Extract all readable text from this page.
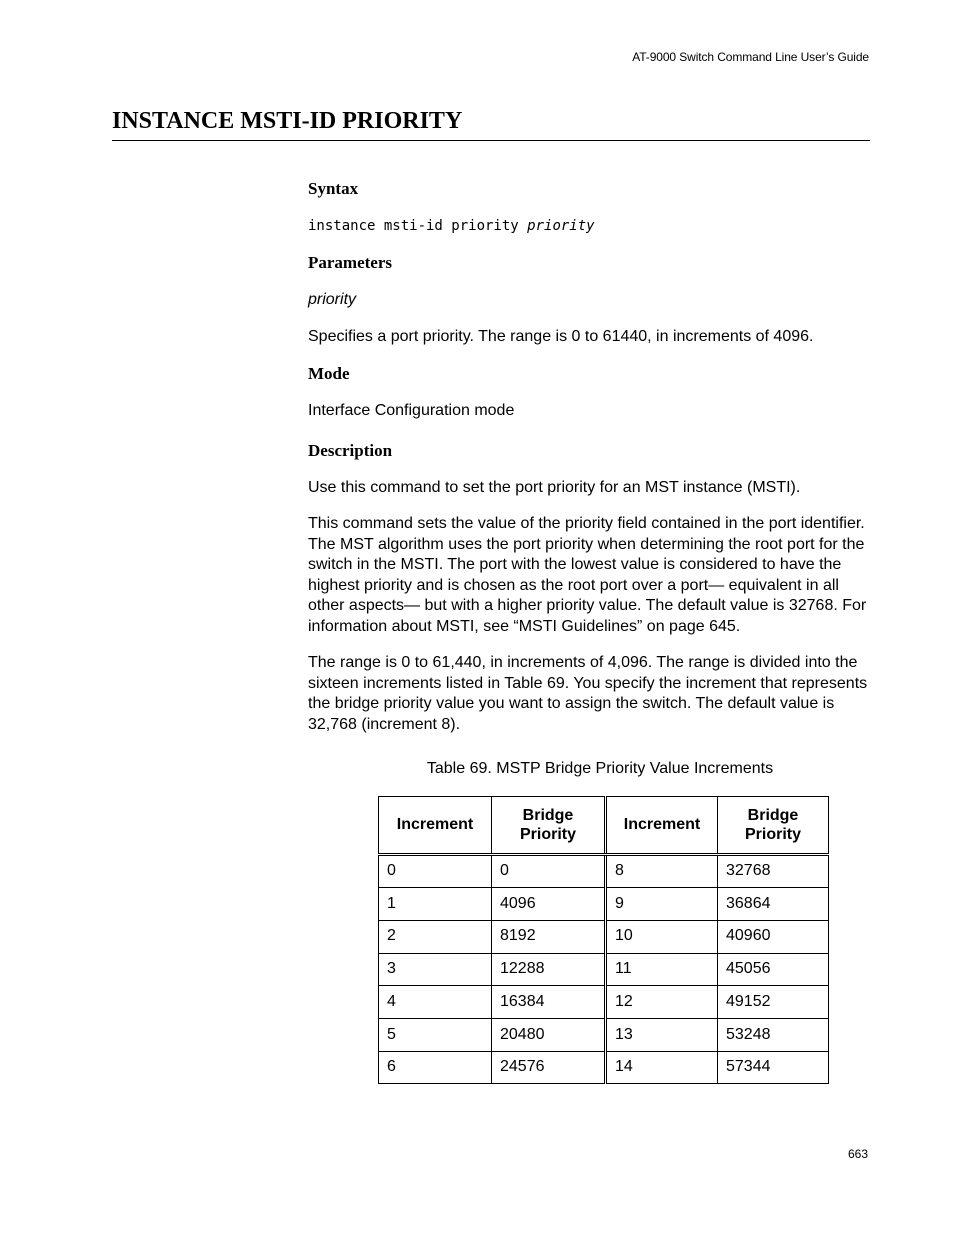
AT-9000 Switch Command Line User’s Guide
INSTANCE MSTI-ID PRIORITY
Syntax

instance msti-id priority priority

Parameters

priority

Specifies a port priority. The range is 0 to 61440, in increments of 4096.

Mode

Interface Configuration mode

Description

Use this command to set the port priority for an MST instance (MSTI).

This command sets the value of the priority field contained in the port identifier. The MST algorithm uses the port priority when determining the root port for the switch in the MSTI. The port with the lowest value is considered to have the highest priority and is chosen as the root port over a port— equivalent in all other aspects— but with a higher priority value. The default value is 32768. For information about MSTI, see “MSTI Guidelines” on page 645.

The range is 0 to 61,440, in increments of 4,096. The range is divided into the sixteen increments listed in Table 69. You specify the increment that represents the bridge priority value you want to assign the switch. The default value is 32,768 (increment 8).

Table 69. MSTP Bridge Priority Value Increments

Increment	Bridge Priority	Increment	Bridge Priority
0	0	8	32768
1	4096	9	36864
2	8192	10	40960
3	12288	11	45056
4	16384	12	49152
5	20480	13	53248
6	24576	14	57344
663
